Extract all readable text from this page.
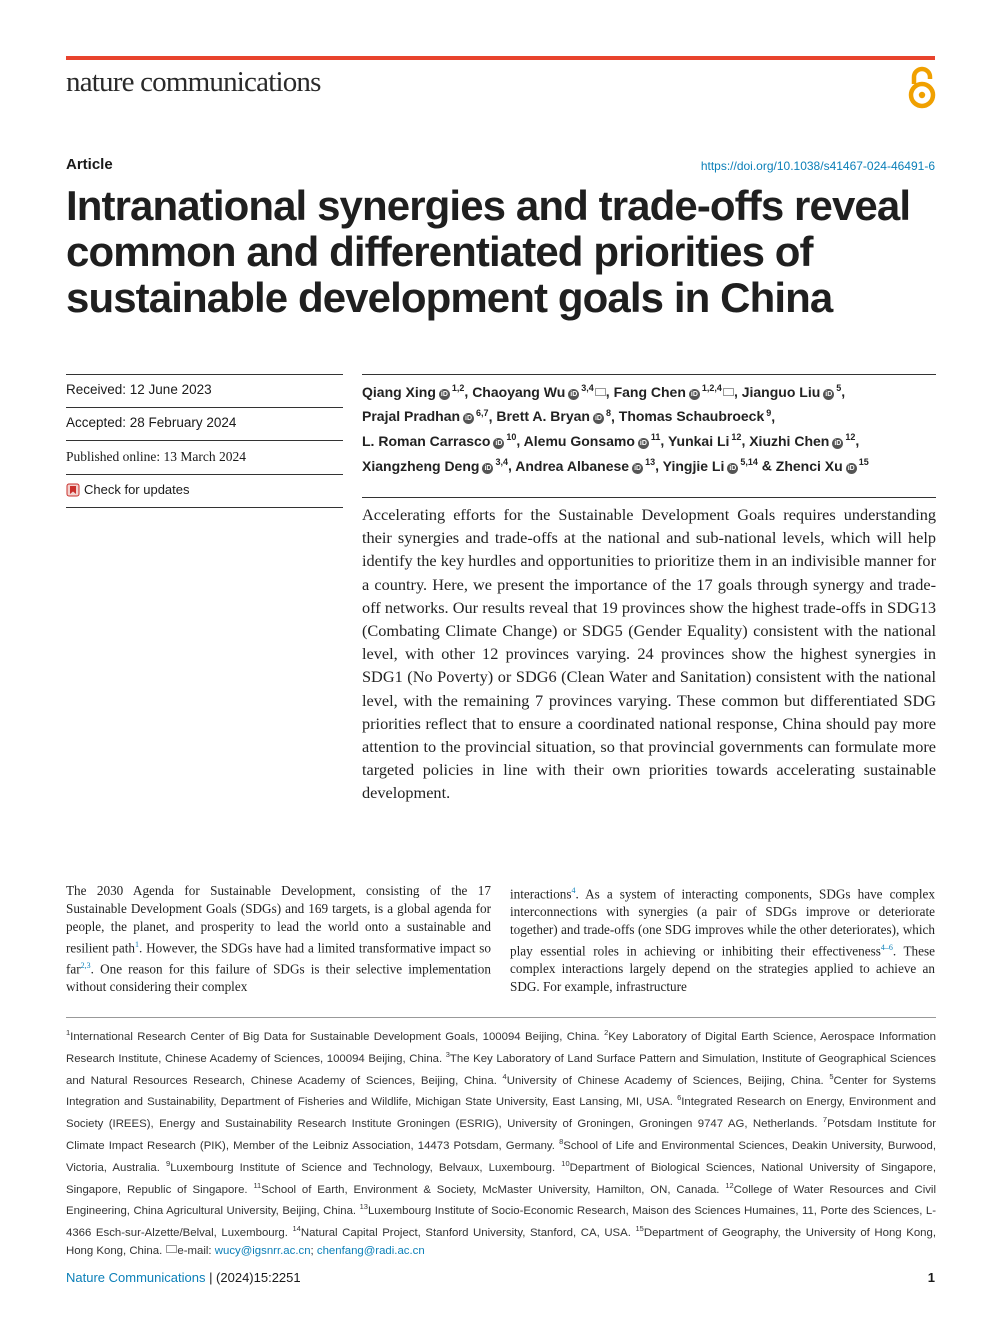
nature communications
Article	https://doi.org/10.1038/s41467-024-46491-6
Intranational synergies and trade-offs reveal common and differentiated priorities of sustainable development goals in China
Received: 12 June 2023
Accepted: 28 February 2024
Published online: 13 March 2024
Check for updates
Qiang Xing iD$^{1,2}$, Chaoyang Wu iD$^{3,4}$ , Fang Chen iD$^{1,2,4}$ , Jianguo Liu $iD^5$,
Prajal Pradhan iD$^{6,7}$, Brett A. Bryan $iD^8$, Thomas Schaubroeck $^9$,
L. Roman Carrasco $iD^{10}$, Alemu Gonsamo $iD^{11}$, Yunkai Li $^{12}$, Xiuzhi Chen $iD^{12}$,
Xiangzheng Deng iD$^{3,4}$, Andrea Albanese $iD^{13}$, Yingjie Li iD$^{5,14}$ & Zhenci Xu $iD^{15}$

Accelerating efforts for the Sustainable Development Goals requires understanding their synergies and trade-offs at the national and sub-national levels, which will help identify the key hurdles and opportunities to prioritize them in an indivisible manner for a country. Here, we present the importance of the 17 goals through synergy and trade-off networks. Our results reveal that 19 provinces show the highest trade-offs in SDG13 (Combating Climate Change) or SDG5 (Gender Equality) consistent with the national level, with other 12 provinces varying. 24 provinces show the highest synergies in SDG1 (No Poverty) or SDG6 (Clean Water and Sanitation) consistent with the national level, with the remaining 7 provinces varying. These common but differentiated SDG priorities reflect that to ensure a coordinated national response, China should pay more attention to the provincial situation, so that provincial governments can formulate more targeted policies in line with their own priorities towards accelerating sustainable development.

The 2030 Agenda for Sustainable Development, consisting of the 17 Sustainable Development Goals (SDGs) and 169 targets, is a global agenda for people, the planet, and prosperity to lead the world onto a sustainable and resilient path$^1$. However, the SDGs have had a limited transformative impact so far$^{2,3}$. One reason for this failure of SDGs is their selective implementation without considering their complex

interactions$^4$. As a system of interacting components, SDGs have complex interconnections with synergies (a pair of SDGs improve or deteriorate together) and trade-offs (one SDG improves while the other deteriorates), which play essential roles in achieving or inhibiting their effectiveness$^{4-6}$. These complex interactions largely depend on the strategies applied to achieve an SDG. For example, infrastructure

$^1$International Research Center of Big Data for Sustainable Development Goals, 100094 Beijing, China. $^2$Key Laboratory of Digital Earth Science, Aerospace Information Research Institute, Chinese Academy of Sciences, 100094 Beijing, China. $^3$The Key Laboratory of Land Surface Pattern and Simulation, Institute of Geographical Sciences and Natural Resources Research, Chinese Academy of Sciences, Beijing, China. $^4$University of Chinese Academy of Sciences, Beijing, China. $^5$Center for Systems Integration and Sustainability, Department of Fisheries and Wildlife, Michigan State University, East Lansing, MI, USA. $^6$Integrated Research on Energy, Environment and Society (IREES), Energy and Sustainability Research Institute Groningen (ESRIG), University of Groningen, Groningen 9747 AG, Netherlands. $^7$Potsdam Institute for Climate Impact Research (PIK), Member of the Leibniz Association, 14473 Potsdam, Germany. $^8$School of Life and Environmental Sciences, Deakin University, Burwood, Victoria, Australia. $^9$Luxembourg Institute of Science and Technology, Belvaux, Luxembourg. $^{10}$Department of Biological Sciences, National University of Singapore, Singapore, Republic of Singapore. $^{11}$School of Earth, Environment & Society, McMaster University, Hamilton, ON, Canada. $^{12}$College of Water Resources and Civil Engineering, China Agricultural University, Beijing, China. $^{13}$Luxembourg Institute of Socio-Economic Research, Maison des Sciences Humaines, 11, Porte des Sciences, L-4366 Esch-sur-Alzette/Belval, Luxembourg. $^{14}$Natural Capital Project, Stanford University, Stanford, CA, USA. $^{15}$Department of Geography, the University of Hong Kong, Hong Kong, China. e-mail: wucy@igsnrr.ac.cn; chenfang@radi.ac.cn

Nature Communications | (2024)15:2251	1
